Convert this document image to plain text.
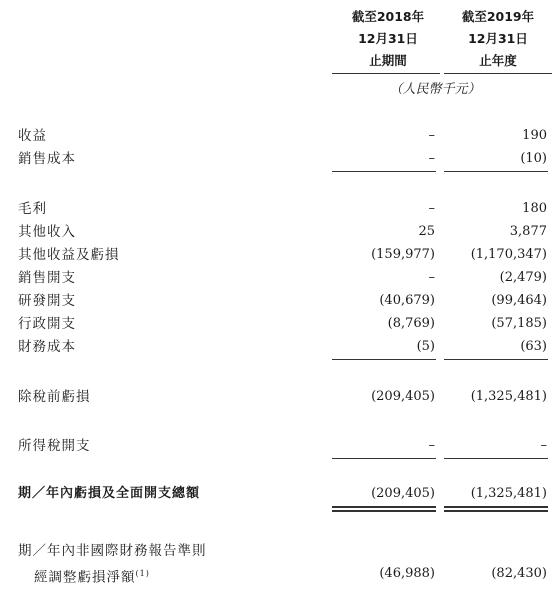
截至2018年
12月31日
止期間
截至2019年
12月31日
止年度
（人民幣千元）
收益	–	190
銷售成本	–	(10)
毛利	–	180
其他收入	25	3,877
其他收益及虧損	(159,977)	(1,170,347)
銷售開支	–	(2,479)
研發開支	(40,679)	(99,464)
行政開支	(8,769)	(57,185)
財務成本	(5)	(63)
除稅前虧損	(209,405)	(1,325,481)
所得稅開支	–	–
期／年內虧損及全面開支總額	(209,405)	(1,325,481)
期／年內非國際財務報告準則
經調整虧損淨額$^{(1)}$	(46,988)	(82,430)
